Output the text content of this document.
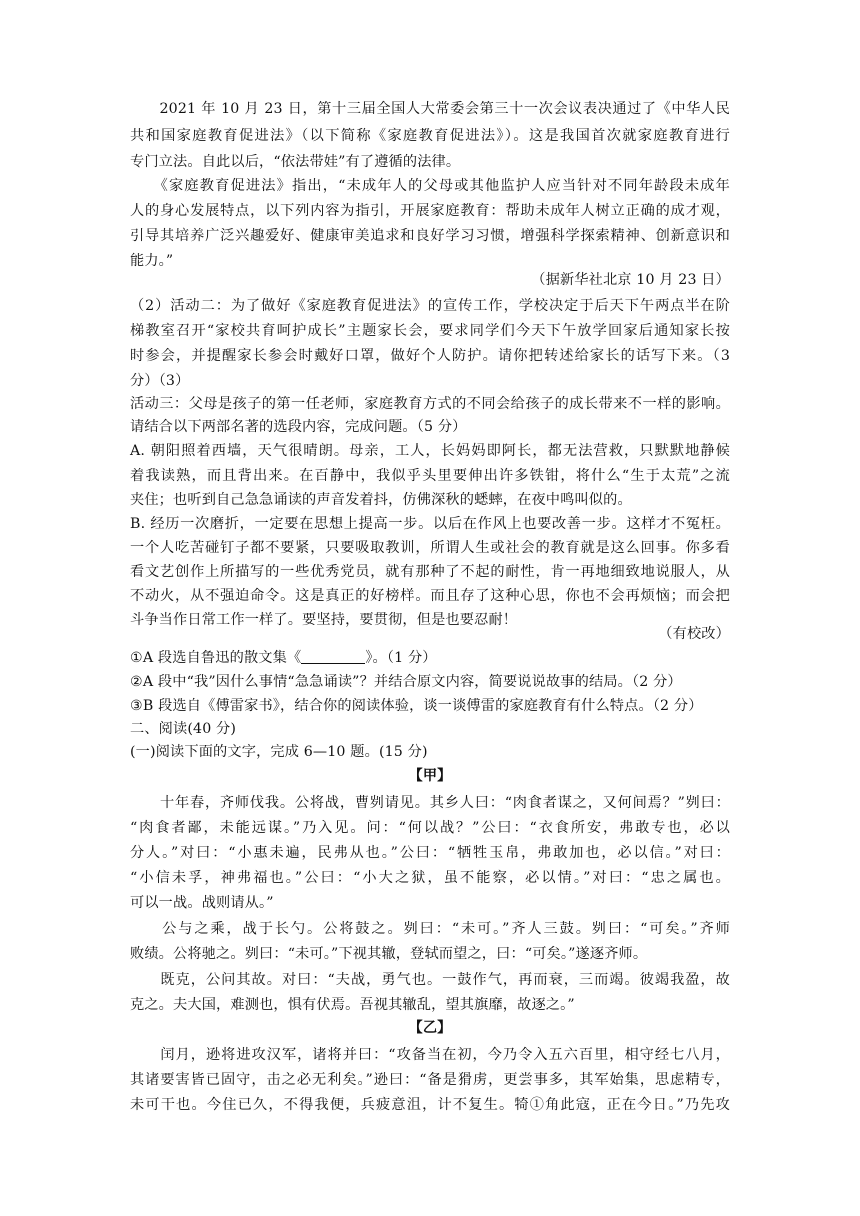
　　2021 年 10 月 23 日，第十三届全国人大常委会第三十一次会议表决通过了《中华人民
共和国家庭教育促进法》（以下简称《家庭教育促进法》）。这是我国首次就家庭教育进行
专门立法。自此以后，“依法带娃”有了遵循的法律。
　　《家庭教育促进法》指出，“未成年人的父母或其他监护人应当针对不同年龄段未成年
人的身心发展特点，以下列内容为指引，开展家庭教育：帮助未成年人树立正确的成才观，
引导其培养广泛兴趣爱好、健康审美追求和良好学习习惯，增强科学探索精神、创新意识和
能力。”
（据新华社北京 10 月 23 日）
（2）活动二：为了做好《家庭教育促进法》的宣传工作，学校决定于后天下午两点半在阶
梯教室召开“家校共育呵护成长”主题家长会，要求同学们今天下午放学回家后通知家长按
时参会，并提醒家长参会时戴好口罩，做好个人防护。请你把转述给家长的话写下来。（3
分）（3）
活动三：父母是孩子的第一任老师，家庭教育方式的不同会给孩子的成长带来不一样的影响。
请结合以下两部名著的选段内容，完成问题。（5 分）
A. 朝阳照着西墙，天气很晴朗。母亲，工人，长妈妈即阿长，都无法营救，只默默地静候
着我读熟，而且背出来。在百静中，我似乎头里要伸出许多铁钳，将什么“生于太荒”之流
夹住；也听到自己急急诵读的声音发着抖，仿佛深秋的蟋蟀，在夜中鸣叫似的。
B. 经历一次磨折，一定要在思想上提高一步。以后在作风上也要改善一步。这样才不冤枉。
一个人吃苦碰钉子都不要紧，只要吸取教训，所谓人生或社会的教育就是这么回事。你多看
看文艺创作上所描写的一些优秀党员，就有那种了不起的耐性，肯一再地细致地说服人，从
不动火，从不强迫命令。这是真正的好榜样。而且存了这种心思，你也不会再烦恼；而会把
斗争当作日常工作一样了。要坚持，要贯彻，但是也要忍耐！
（有校改）
①A 段选自鲁迅的散文集《	》。（1 分）
②A 段中“我”因什么事情“急急诵读”？并结合原文内容，简要说说故事的结局。（2 分）
③B 段选自《傅雷家书》，结合你的阅读体验，谈一谈傅雷的家庭教育有什么特点。（2 分）
二、阅读(40 分)
(一)阅读下面的文字，完成 6—10 题。(15 分)
【甲】
　　十年春，齐师伐我。公将战，曹刿请见。其乡人曰：“肉食者谋之，又何间焉？”刿曰：
“肉食者鄙，未能远谋。”乃入见。问：“何以战？”公曰：“衣食所安，弗敢专也，必以
分人。”对曰：“小惠未遍，民弗从也。”公曰：“牺牲玉帛，弗敢加也，必以信。”对曰：
“小信未孚，神弗福也。”公曰：“小大之狱，虽不能察，必以情。”对曰：“忠之属也。
可以一战。战则请从。”
　　公与之乘，战于长勺。公将鼓之。刿曰：“未可。”齐人三鼓。刿曰：“可矣。”齐师
败绩。公将驰之。刿曰：“未可。”下视其辙，登轼而望之，曰：“可矣。”遂逐齐师。
　　既克，公问其故。对曰：“夫战，勇气也。一鼓作气，再而衰，三而竭。彼竭我盈，故
克之。夫大国，难测也，惧有伏焉。吾视其辙乱，望其旗靡，故逐之。”
【乙】
　　闰月，逊将进攻汉军，诸将并曰：“攻备当在初，今乃令入五六百里，相守经七八月，
其诸要害皆已固守，击之必无利矣。”逊曰：“备是猾虏，更尝事多，其军始集，思虑精专，
未可干也。今住已久，不得我便，兵疲意沮，计不复生。犄①角此寇，正在今日。”乃先攻
